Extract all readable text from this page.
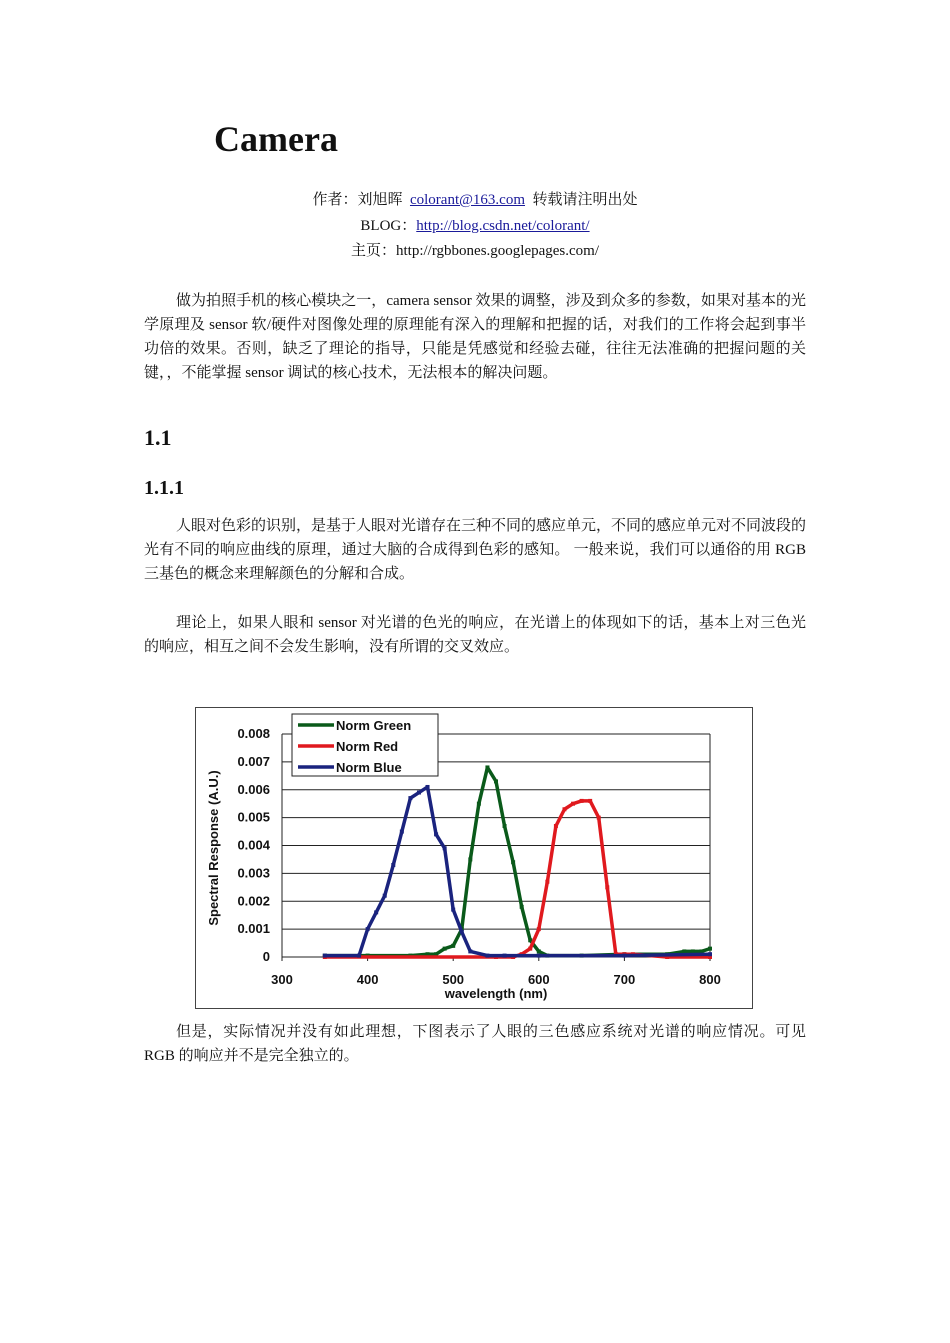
Camera
作者：刘旭晖 colorant@163.com 转载请注明出处
BLOG：http://blog.csdn.net/colorant/
主页：http://rgbbones.googlepages.com/

做为拍照手机的核心模块之一，camera sensor 效果的调整，涉及到众多的参数，如果对基本的光学原理及 sensor 软/硬件对图像处理的原理能有深入的理解和把握的话，对我们的工作将会起到事半功倍的效果。否则，缺乏了理论的指导，只能是凭感觉和经验去碰，往往无法准确的把握问题的关键，，不能掌握 sensor 调试的核心技术，无法根本的解决问题。

1.1
1.1.1

人眼对色彩的识别，是基于人眼对光谱存在三种不同的感应单元，不同的感应单元对不同波段的光有不同的响应曲线的原理，通过大脑的合成得到色彩的感知。 一般来说，我们可以通俗的用 RGB 三基色的概念来理解颜色的分解和合成。

理论上，如果人眼和 sensor 对光谱的色光的响应，在光谱上的体现如下的话，基本上对三色光的响应，相互之间不会发生影响，没有所谓的交叉效应。

0
0.001
0.002
0.003
0.004
0.005
0.006
0.007
0.008
300	400	500	600	700	800
wavelength (nm)
Spectral Response (A.U.)
Norm Green
Norm Red
Norm Blue

但是，实际情况并没有如此理想，下图表示了人眼的三色感应系统对光谱的响应情况。可见 RGB 的响应并不是完全独立的。
